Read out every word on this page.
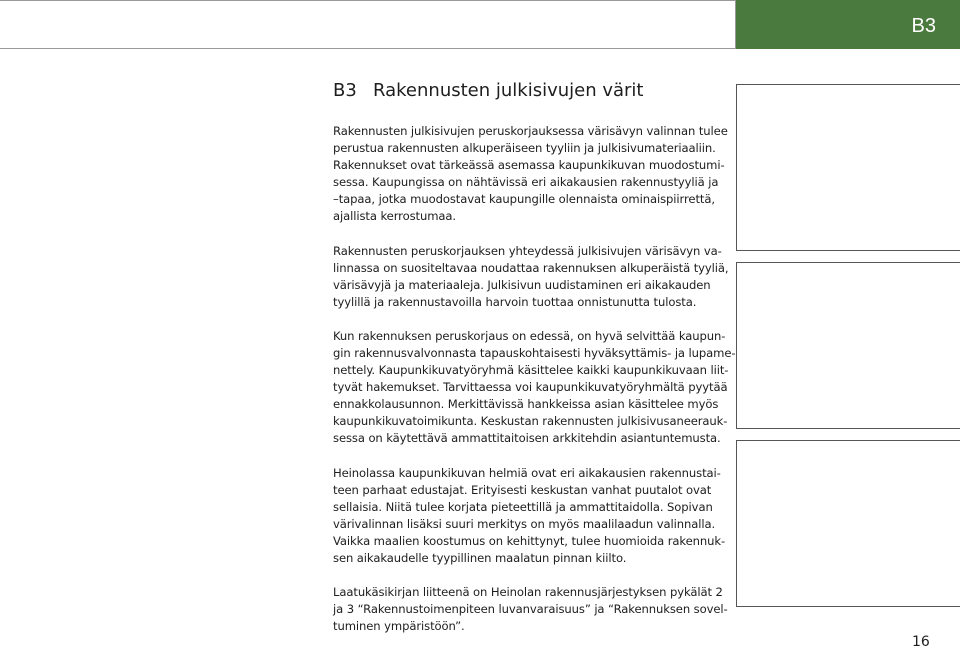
B3
B3 Rakennusten julkisivujen värit

Rakennusten julkisivujen peruskorjauksessa värisävyn valinnan tulee
perustua rakennusten alkuperäiseen tyyliin ja julkisivumateriaaliin.
Rakennukset ovat tärkeässä asemassa kaupunkikuvan muodostumi-
sessa. Kaupungissa on nähtävissä eri aikakausien rakennustyyliä ja
–tapaa, jotka muodostavat kaupungille olennaista ominaispiirrettä,
ajallista kerrostumaa.

Rakennusten peruskorjauksen yhteydessä julkisivujen värisävyn va-
linnassa on suositeltavaa noudattaa rakennuksen alkuperäistä tyyliä,
värisävyjä ja materiaaleja. Julkisivun uudistaminen eri aikakauden
tyylillä ja rakennustavoilla harvoin tuottaa onnistunutta tulosta.

Kun rakennuksen peruskorjaus on edessä, on hyvä selvittää kaupun-
gin rakennusvalvonnasta tapauskohtaisesti hyväksyttämis- ja lupame-
nettely. Kaupunkikuvatyöryhmä käsittelee kaikki kaupunkikuvaan liit-
tyvät hakemukset. Tarvittaessa voi kaupunkikuvatyöryhmältä pyytää
ennakkolausunnon. Merkittävissä hankkeissa asian käsittelee myös
kaupunkikuvatoimikunta. Keskustan rakennusten julkisivusaneerauk-
sessa on käytettävä ammattitaitoisen arkkitehdin asiantuntemusta.

Heinolassa kaupunkikuvan helmiä ovat eri aikakausien rakennustai-
teen parhaat edustajat. Erityisesti keskustan vanhat puutalot ovat
sellaisia. Niitä tulee korjata pieteettillä ja ammattitaidolla. Sopivan
värivalinnan lisäksi suuri merkitys on myös maalilaadun valinnalla.
Vaikka maalien koostumus on kehittynyt, tulee huomioida rakennuk-
sen aikakaudelle tyypillinen maalatun pinnan kiilto.

Laatukäsikirjan liitteenä on Heinolan rakennusjärjestyksen pykälät 2
ja 3 “Rakennustoimenpiteen luvanvaraisuus” ja “Rakennuksen sovel-
tuminen ympäristöön”.

16
